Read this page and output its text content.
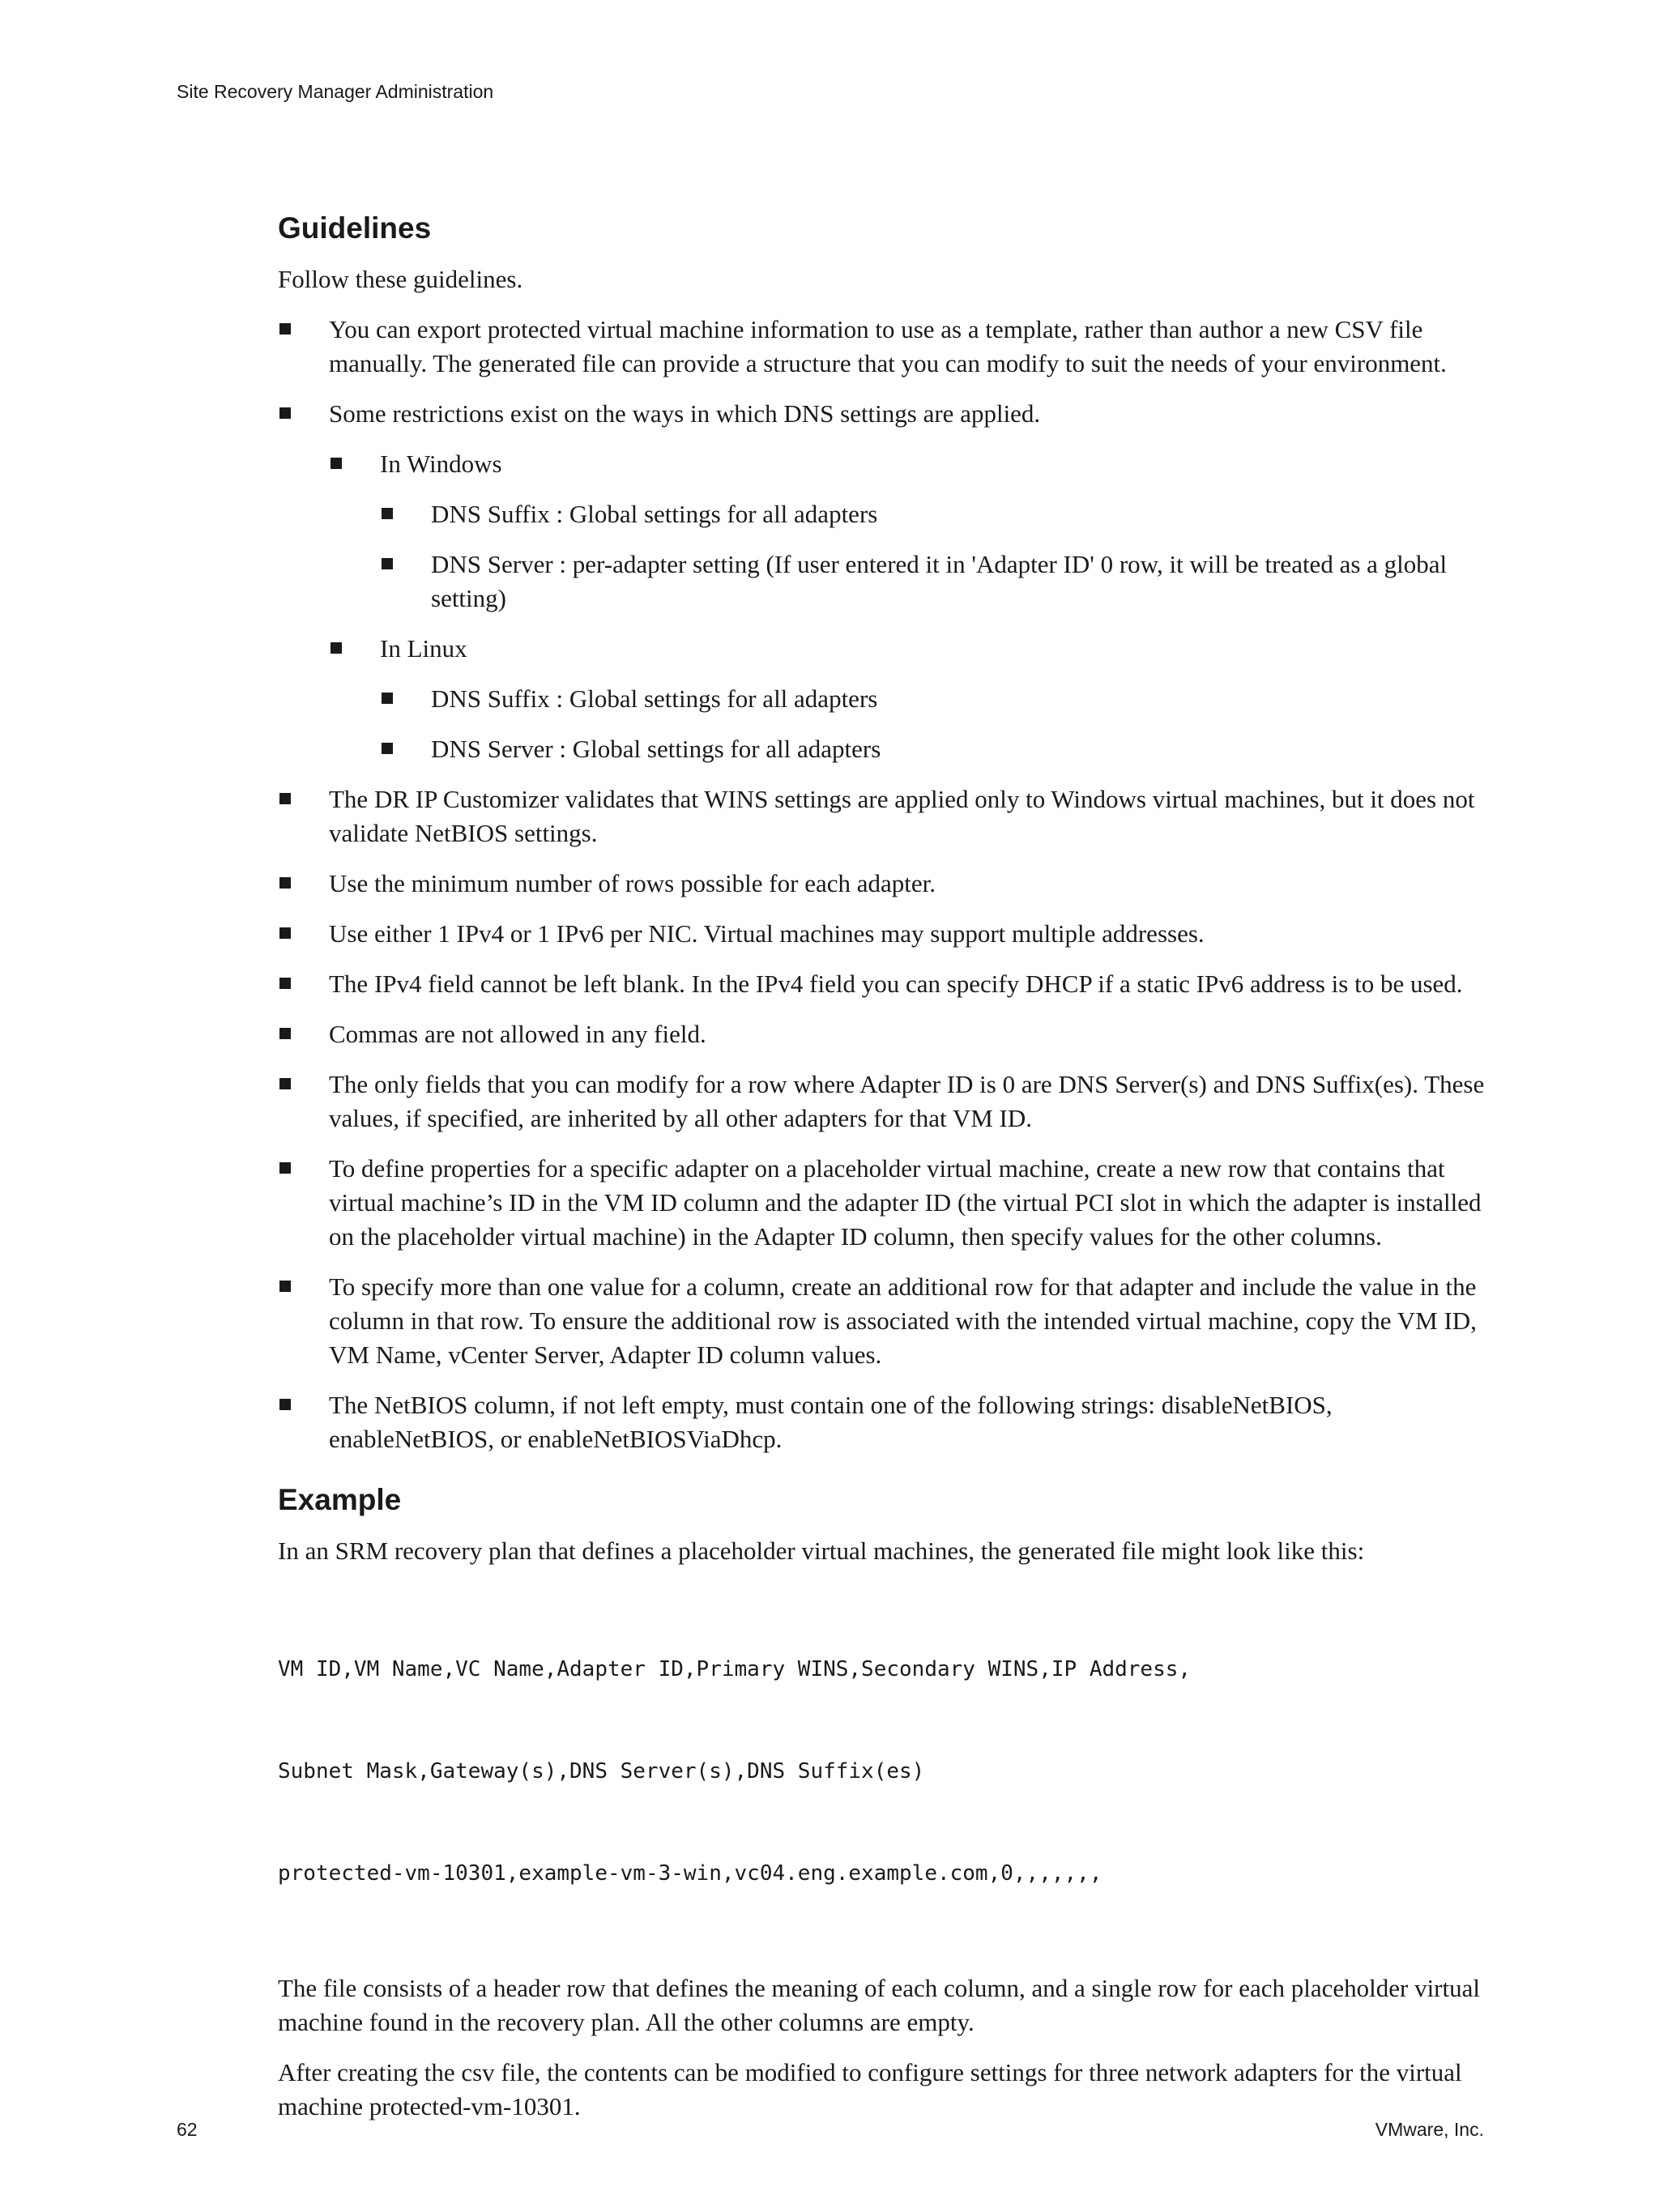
Site Recovery Manager Administration
Guidelines

Follow these guidelines.

You can export protected virtual machine information to use as a template, rather than author a new CSV file manually. The generated file can provide a structure that you can modify to suit the needs of your environment.
Some restrictions exist on the ways in which DNS settings are applied.
In Windows
DNS Suffix : Global settings for all adapters
DNS Server : per-adapter setting (If user entered it in 'Adapter ID' 0 row, it will be treated as a global setting)
In Linux
DNS Suffix : Global settings for all adapters
DNS Server : Global settings for all adapters
The DR IP Customizer validates that WINS settings are applied only to Windows virtual machines, but it does not validate NetBIOS settings.
Use the minimum number of rows possible for each adapter.
Use either 1 IPv4 or 1 IPv6 per NIC. Virtual machines may support multiple addresses.
The IPv4 field cannot be left blank. In the IPv4 field you can specify DHCP if a static IPv6 address is to be used.
Commas are not allowed in any field.
The only fields that you can modify for a row where Adapter ID is 0 are DNS Server(s) and DNS Suffix(es). These values, if specified, are inherited by all other adapters for that VM ID.
To define properties for a specific adapter on a placeholder virtual machine, create a new row that contains that virtual machine’s ID in the VM ID column and the adapter ID (the virtual PCI slot in which the adapter is installed on the placeholder virtual machine) in the Adapter ID column, then specify values for the other columns.
To specify more than one value for a column, create an additional row for that adapter and include the value in the column in that row. To ensure the additional row is associated with the intended virtual machine, copy the VM ID, VM Name, vCenter Server, Adapter ID column values.
The NetBIOS column, if not left empty, must contain one of the following strings: disableNetBIOS, enableNetBIOS, or enableNetBIOSViaDhcp.
Example

In an SRM recovery plan that defines a placeholder virtual machines, the generated file might look like this:

VM ID,VM Name,VC Name,Adapter ID,Primary WINS,Secondary WINS,IP Address,

Subnet Mask,Gateway(s),DNS Server(s),DNS Suffix(es)

protected-vm-10301,example-vm-3-win,vc04.eng.example.com,0,,,,,,,

The file consists of a header row that defines the meaning of each column, and a single row for each placeholder virtual machine found in the recovery plan. All the other columns are empty.

After creating the csv file, the contents can be modified to configure settings for three network adapters for the virtual machine protected-vm-10301.

62	VMware, Inc.
